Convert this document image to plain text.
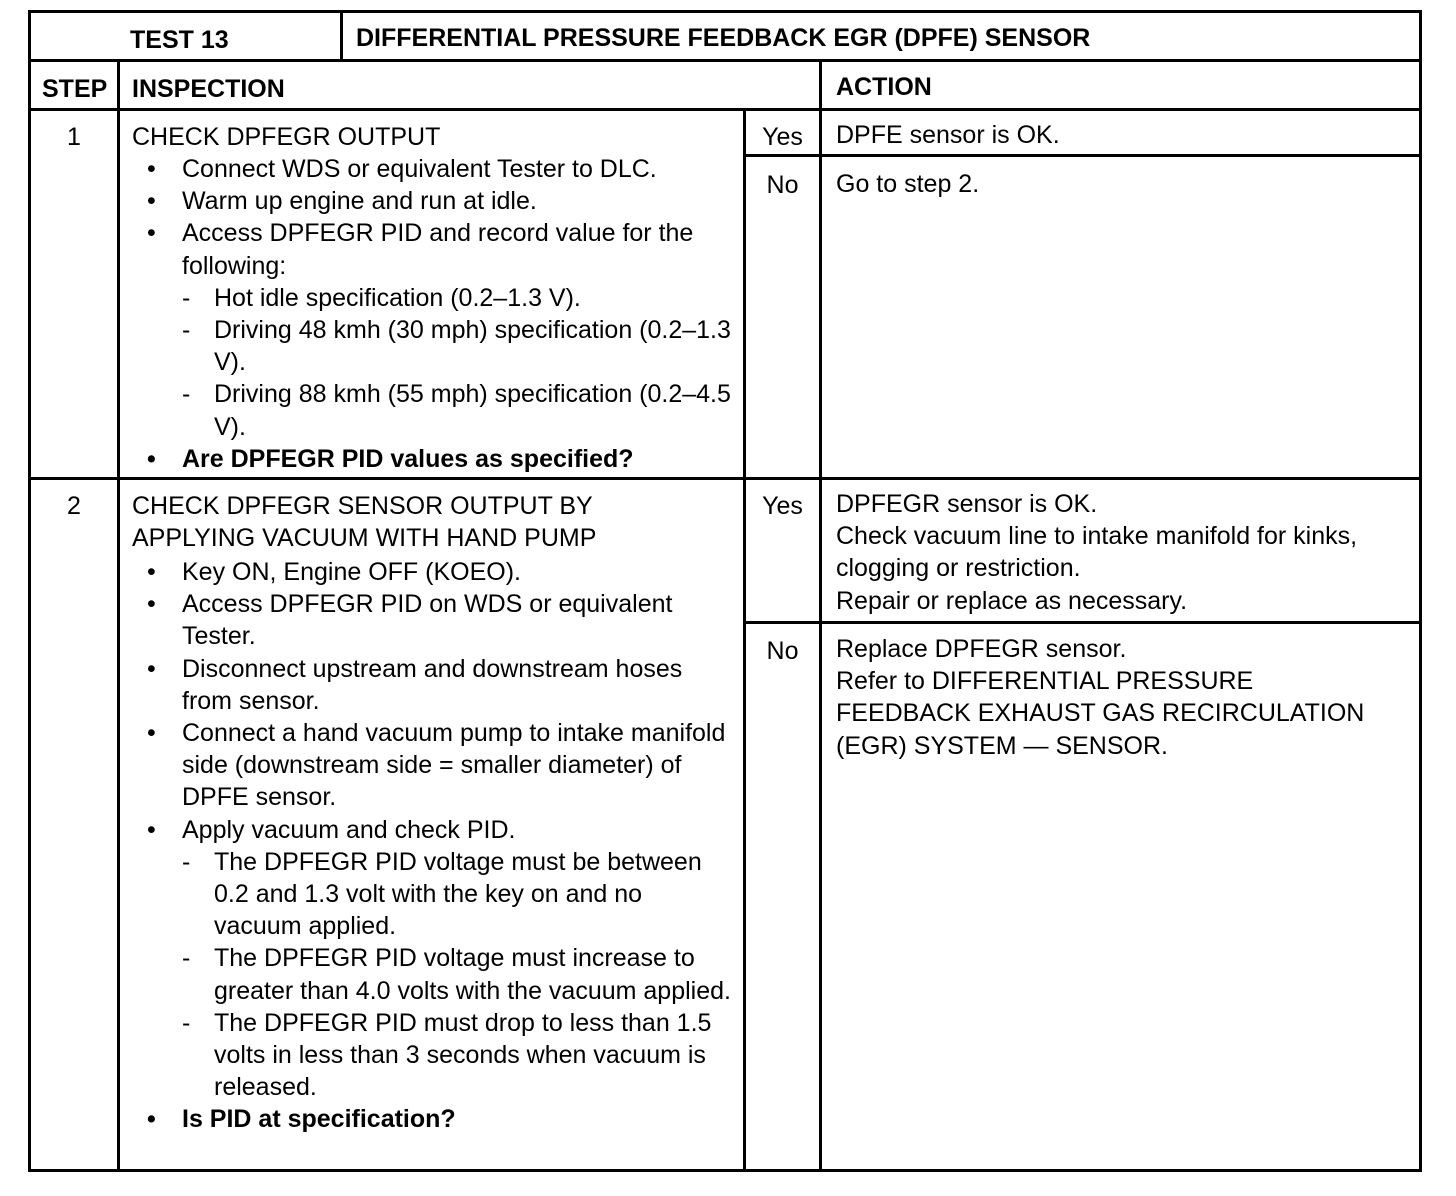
TEST 13	DIFFERENTIAL PRESSURE FEEDBACK EGR (DPFE) SENSOR
STEP INSPECTION	ACTION
1	CHECK DPFEGR OUTPUT
• Connect WDS or equivalent Tester to DLC.
• Warm up engine and run at idle.
• Access DPFEGR PID and record value for the following:
- Hot idle specification (0.2–1.3 V).
- Driving 48 kmh (30 mph) specification (0.2–1.3 V).
- Driving 88 kmh (55 mph) specification (0.2–4.5 V).
• Are DPFEGR PID values as specified?
Yes	DPFE sensor is OK.
No	Go to step 2.
2	CHECK DPFEGR SENSOR OUTPUT BY
APPLYING VACUUM WITH HAND PUMP
• Key ON, Engine OFF (KOEO).
• Access DPFEGR PID on WDS or equivalent Tester.
• Disconnect upstream and downstream hoses from sensor.
• Connect a hand vacuum pump to intake manifold side (downstream side = smaller diameter) of DPFE sensor.
• Apply vacuum and check PID.
- The DPFEGR PID voltage must be between 0.2 and 1.3 volt with the key on and no vacuum applied.
- The DPFEGR PID voltage must increase to greater than 4.0 volts with the vacuum applied.
- The DPFEGR PID must drop to less than 1.5 volts in less than 3 seconds when vacuum is released.
• Is PID at specification?
Yes	DPFEGR sensor is OK.
Check vacuum line to intake manifold for kinks,
clogging or restriction.
Repair or replace as necessary.
No	Replace DPFEGR sensor.
Refer to DIFFERENTIAL PRESSURE
FEEDBACK EXHAUST GAS RECIRCULATION
(EGR) SYSTEM — SENSOR.
